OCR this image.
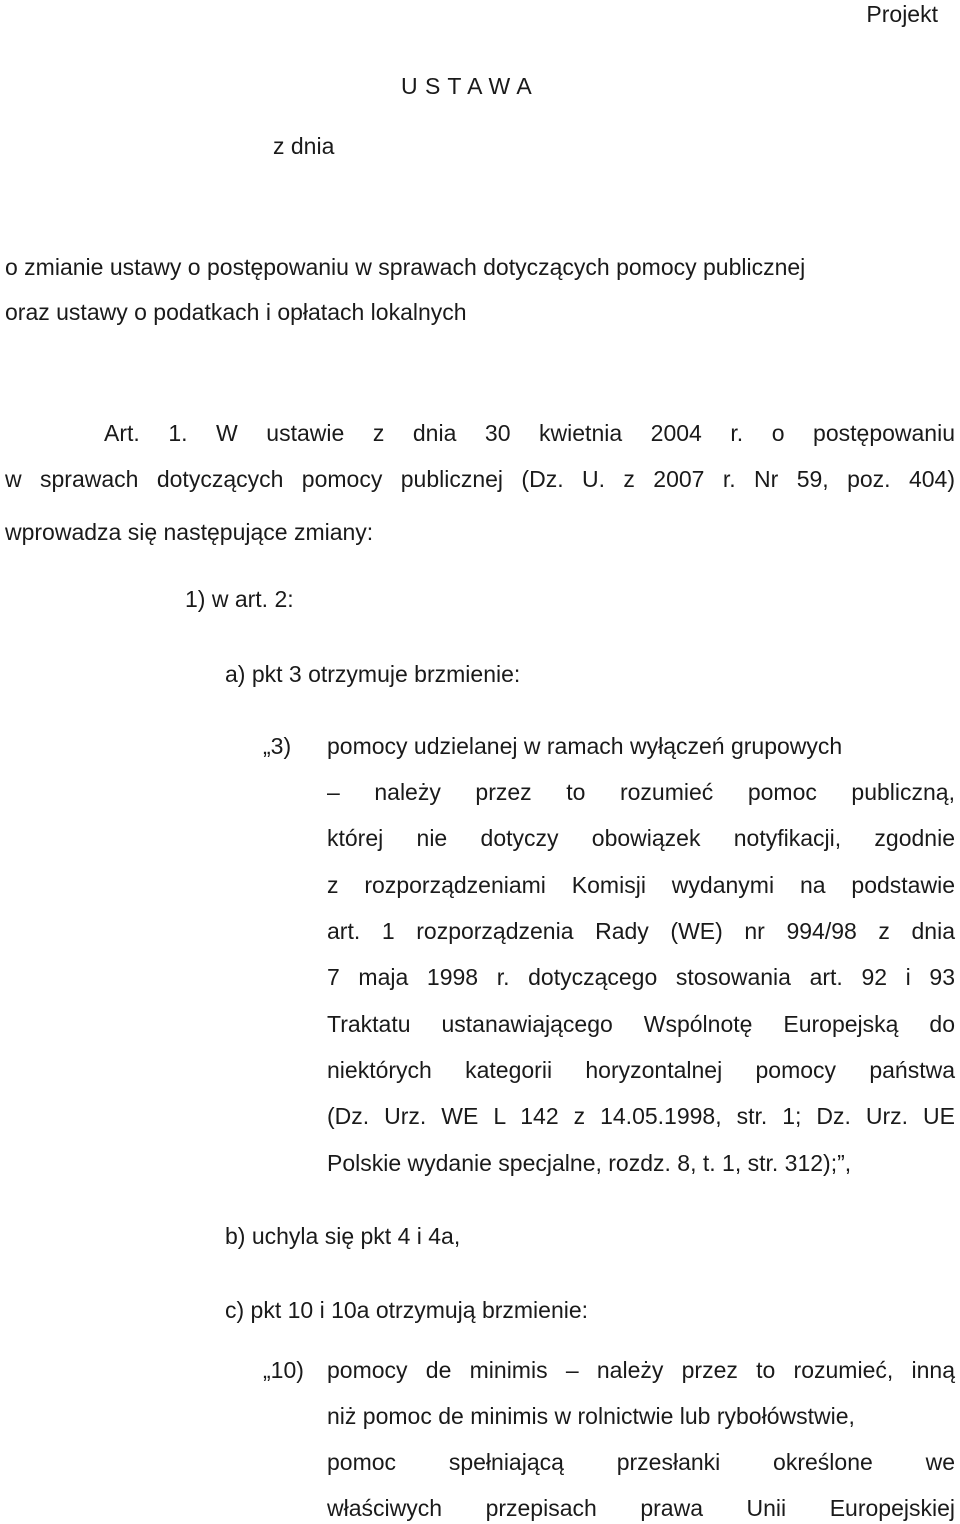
Projekt
U S T A W A
z dnia
o zmianie ustawy o postępowaniu w sprawach dotyczących pomocy publicznej
oraz ustawy o podatkach i opłatach lokalnych
Art. 1. W ustawie z dnia 30 kwietnia 2004 r. o postępowaniu
w sprawach dotyczących pomocy publicznej (Dz. U. z 2007 r. Nr 59, poz. 404)
wprowadza się następujące zmiany:
1) w art. 2:
a) pkt 3 otrzymuje brzmienie:
„3) pomocy udzielanej w ramach wyłączeń grupowych
– należy przez to rozumieć pomoc publiczną,
której nie dotyczy obowiązek notyfikacji, zgodnie
z rozporządzeniami Komisji wydanymi na podstawie
art. 1 rozporządzenia Rady (WE) nr 994/98 z dnia
7 maja 1998 r. dotyczącego stosowania art. 92 i 93
Traktatu ustanawiającego Wspólnotę Europejską do
niektórych kategorii horyzontalnej pomocy państwa
(Dz. Urz. WE L 142 z 14.05.1998, str. 1; Dz. Urz. UE
Polskie wydanie specjalne, rozdz. 8, t. 1, str. 312);”,
b) uchyla się pkt 4 i 4a,
c) pkt 10 i 10a otrzymują brzmienie:
„10) pomocy de minimis – należy przez to rozumieć, inną
niż pomoc de minimis w rolnictwie lub rybołówstwie,
pomoc spełniającą przesłanki określone we
właściwych przepisach prawa Unii Europejskiej
